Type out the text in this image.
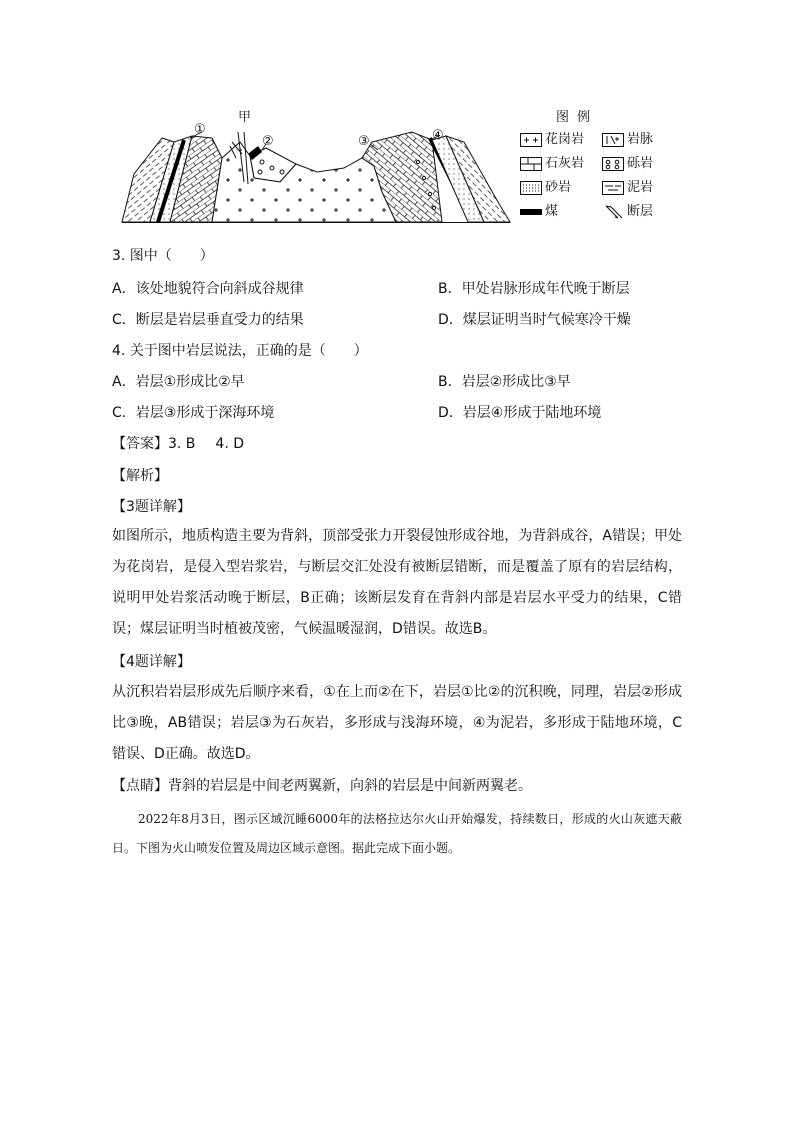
①
甲
②	③	④
图例
花岗岩	岩脉
石灰岩	砾岩
砂岩	泥岩
煤	断层
3. 图中（　　）
A．该处地貌符合向斜成谷规律	B．甲处岩脉形成年代晚于断层
C．断层是岩层垂直受力的结果	D．煤层证明当时气候寒冷干燥
4. 关于图中岩层说法，正确的是（　　）
A．岩层①形成比②早	B．岩层②形成比③早
C．岩层③形成于深海环境	D．岩层④形成于陆地环境
【答案】3. B 4. D
【解析】
【3题详解】
如图所示，地质构造主要为背斜，顶部受张力开裂侵蚀形成谷地，为背斜成谷，A错误；甲处为花岗岩，是侵入型岩浆岩，与断层交汇处没有被断层错断，而是覆盖了原有的岩层结构，说明甲处岩浆活动晚于断层，B正确；该断层发育在背斜内部是岩层水平受力的结果，C错误；煤层证明当时植被茂密，气候温暖湿润，D错误。故选B。
【4题详解】
从沉积岩岩层形成先后顺序来看，①在上而②在下，岩层①比②的沉积晚，同理，岩层②形成比③晚，AB错误；岩层③为石灰岩，多形成与浅海环境，④为泥岩，多形成于陆地环境，C错误、D正确。故选D。
【点睛】背斜的岩层是中间老两翼新，向斜的岩层是中间新两翼老。
2022年8月3日，图示区域沉睡6000年的法格拉达尔火山开始爆发，持续数日，形成的火山灰遮天蔽日。下图为火山喷发位置及周边区域示意图。据此完成下面小题。
